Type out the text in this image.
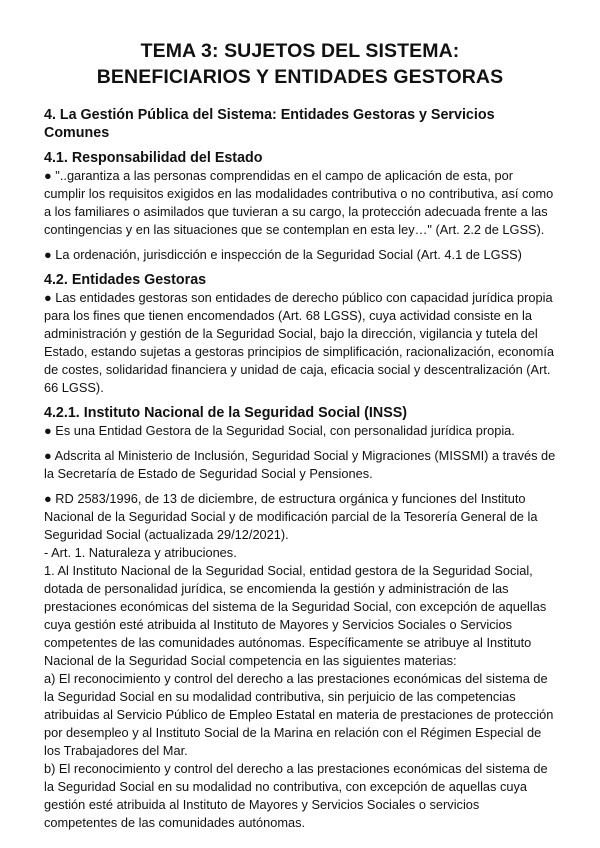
TEMA 3: SUJETOS DEL SISTEMA:
BENEFICIARIOS Y ENTIDADES GESTORAS
4. La Gestión Pública del Sistema: Entidades Gestoras y Servicios Comunes
4.1. Responsabilidad del Estado

● "..garantiza a las personas comprendidas en el campo de aplicación de esta, por cumplir los requisitos exigidos en las modalidades contributiva o no contributiva, así como a los familiares o asimilados que tuvieran a su cargo, la protección adecuada frente a las contingencias y en las situaciones que se contemplan en esta ley…" (Art. 2.2 de LGSS).

● La ordenación, jurisdicción e inspección de la Seguridad Social (Art. 4.1 de LGSS)

4.2. Entidades Gestoras

● Las entidades gestoras son entidades de derecho público con capacidad jurídica propia para los fines que tienen encomendados (Art. 68 LGSS), cuya actividad consiste en la administración y gestión de la Seguridad Social, bajo la dirección, vigilancia y tutela del Estado, estando sujetas a gestoras principios de simplificación, racionalización, economía de costes, solidaridad financiera y unidad de caja, eficacia social y descentralización (Art. 66 LGSS).

4.2.1. Instituto Nacional de la Seguridad Social (INSS)

● Es una Entidad Gestora de la Seguridad Social, con personalidad jurídica propia.

● Adscrita al Ministerio de Inclusión, Seguridad Social y Migraciones (MISSMI) a través de la Secretaría de Estado de Seguridad Social y Pensiones.

● RD 2583/1996, de 13 de diciembre, de estructura orgánica y funciones del Instituto Nacional de la Seguridad Social y de modificación parcial de la Tesorería General de la Seguridad Social (actualizada 29/12/2021).

- Art. 1. Naturaleza y atribuciones.

1. Al Instituto Nacional de la Seguridad Social, entidad gestora de la Seguridad Social, dotada de personalidad jurídica, se encomienda la gestión y administración de las prestaciones económicas del sistema de la Seguridad Social, con excepción de aquellas cuya gestión esté atribuida al Instituto de Mayores y Servicios Sociales o Servicios competentes de las comunidades autónomas. Específicamente se atribuye al Instituto Nacional de la Seguridad Social competencia en las siguientes materias:

a) El reconocimiento y control del derecho a las prestaciones económicas del sistema de la Seguridad Social en su modalidad contributiva, sin perjuicio de las competencias atribuidas al Servicio Público de Empleo Estatal en materia de prestaciones de protección por desempleo y al Instituto Social de la Marina en relación con el Régimen Especial de los Trabajadores del Mar.

b) El reconocimiento y control del derecho a las prestaciones económicas del sistema de la Seguridad Social en su modalidad no contributiva, con excepción de aquellas cuya gestión esté atribuida al Instituto de Mayores y Servicios Sociales o servicios competentes de las comunidades autónomas.
